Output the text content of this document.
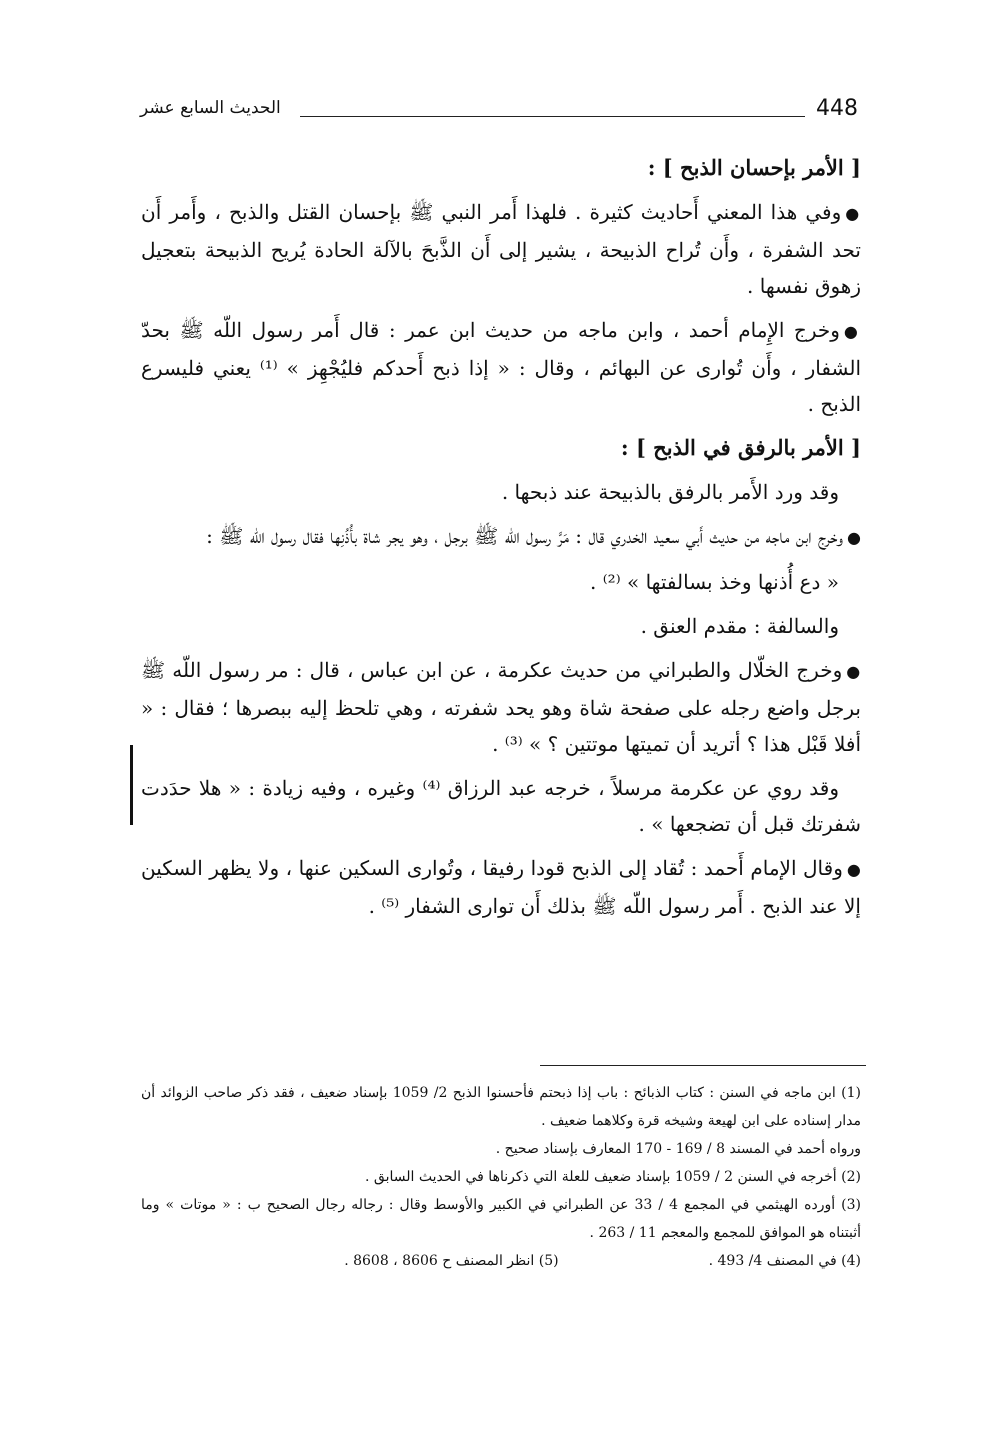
448
الحديث السابع عشر

[ الأمر بإحسان الذبح ] :

●وفي هذا المعني أَحاديث كثيرة . فلهذا أَمر النبي ﷺ بإحسان القتل والذبح ، وأَمر أَن تحد الشفرة ، وأَن تُراح الذبيحة ، يشير إلى أَن الذَّبحَ بالآلة الحادة يُريح الذبيحة بتعجيل زهوق نفسها .

●وخرج الإِمام أحمد ، وابن ماجه من حديث ابن عمر : قال أَمر رسول اللّه ﷺ بحدّ الشفار ، وأَن تُوارى عن البهائم ، وقال : « إذا ذبح أَحدكم فليُجْهِز » ⁽¹⁾ يعني فليسرع الذبح .

[ الأمر بالرفق في الذبح ] :

وقد ورد الأَمر بالرفق بالذبيحة عند ذبحها .

●وخرج ابن ماجه من حديث أَبي سعيد الخدري قال : مَرَّ رسول اللّه ﷺ برجل ، وهو يجر شاة بأُذُنِها فقال رسول اللّه ﷺ :

« دع أُذنها وخذ بسالفتها » ⁽²⁾ .

والسالفة : مقدم العنق .

●وخرج الخلّال والطبراني من حديث عكرمة ، عن ابن عباس ، قال : مر رسول اللّه ﷺ برجل واضع رجله على صفحة شاة وهو يحد شفرته ، وهي تلحظ إليه ببصرها ؛ فقال : « أفلا قَبْل هذا ؟ أتريد أن تميتها موتتين ؟ » ⁽³⁾ .

وقد روي عن عكرمة مرسلاً ، خرجه عبد الرزاق ⁽⁴⁾ وغيره ، وفيه زيادة : « هلا حدَدت شفرتك قبل أن تضجعها » .

●وقال الإمام أَحمد : تُقاد إلى الذبح قودا رفيقا ، وتُوارى السكين عنها ، ولا يظهر السكين إلا عند الذبح . أَمر رسول اللّه ﷺ بذلك أَن توارى الشفار ⁽⁵⁾ .

(1) ابن ماجه في السنن : كتاب الذبائح : باب إذا ذبحتم فأحسنوا الذبح 2/ 1059 بإسناد ضعيف ، فقد ذكر صاحب الزوائد أن مدار إسناده على ابن لهيعة وشيخه قرة وكلاهما ضعيف .

ورواه أحمد في المسند 8 / 169 - 170 المعارف بإسناد صحيح .

(2) أخرجه في السنن 2 / 1059 بإسناد ضعيف للعلة التي ذكرناها في الحديث السابق .

(3) أورده الهيثمي في المجمع 4 / 33 عن الطبراني في الكبير والأوسط وقال : رجاله رجال الصحيح ب : « موتات » وما أثبتناه هو الموافق للمجمع والمعجم 11 / 263 .

(4) في المصنف 4/ 493 .

(5) انظر المصنف ح 8606 ، 8608 .
